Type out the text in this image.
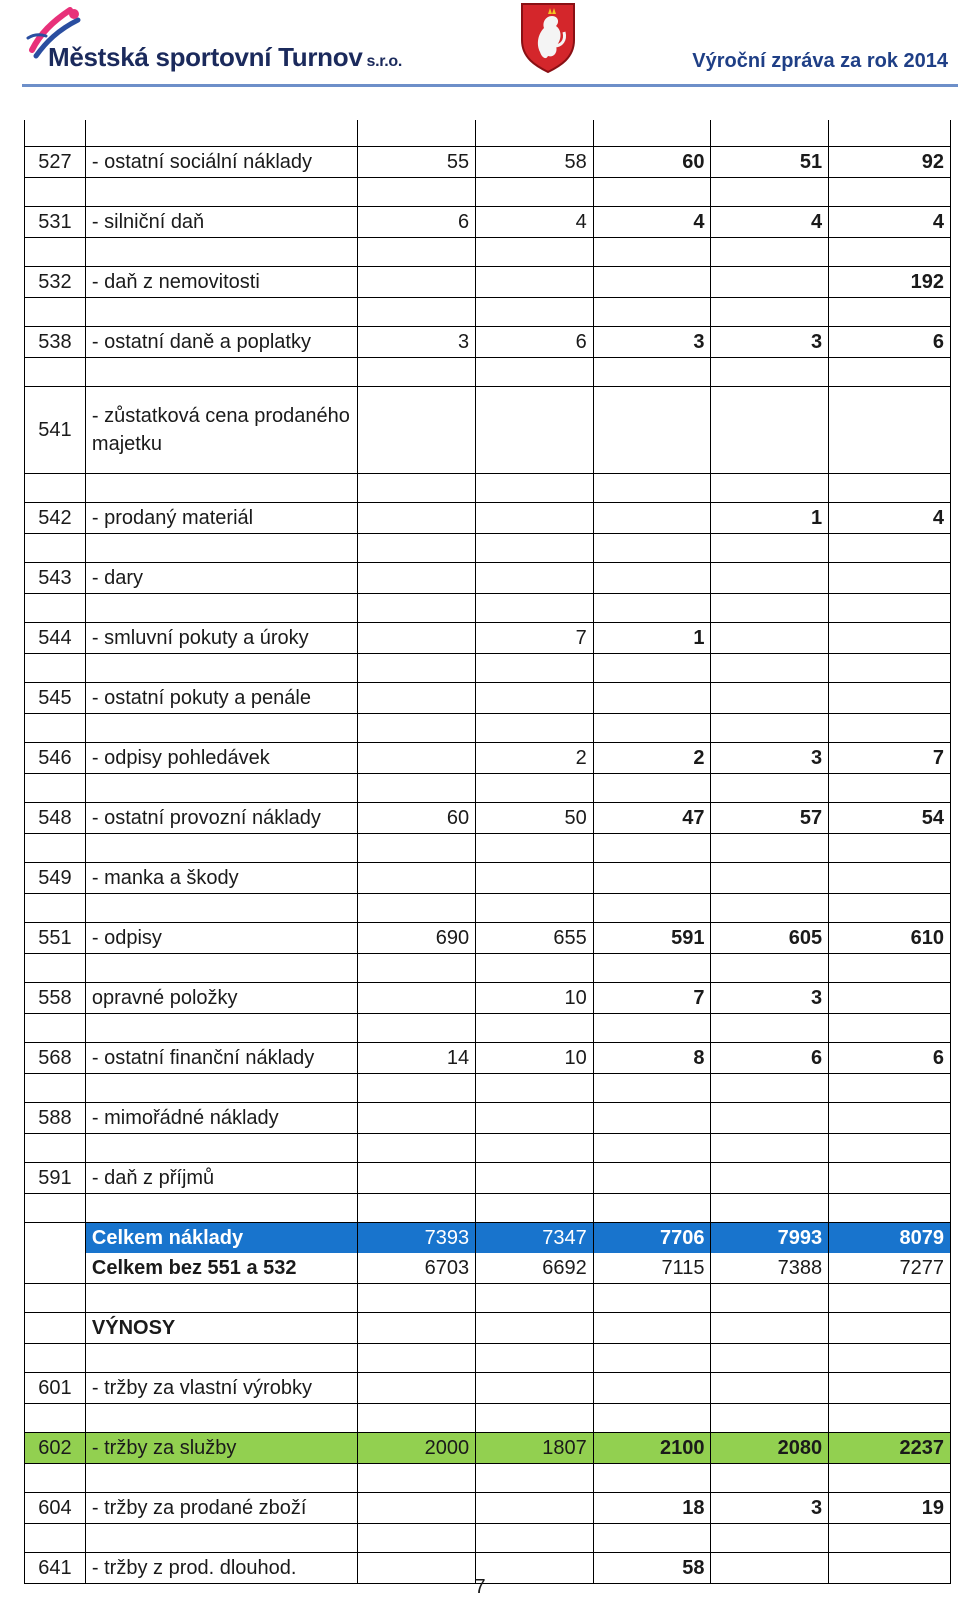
Městská sportovní Turnov s.r.o.	Výroční zpráva za rok 2014

527	- ostatní sociální náklady	55	58	60	51	92

531	- silniční daň	6	4	4	4	4

532	- daň z nemovitosti					192

538	- ostatní daně a poplatky	3	6	3	3	6

541	- zůstatková cena prodaného majetku					

542	- prodaný materiál				1	4

543	- dary					

544	- smluvní pokuty a úroky		7	1		

545	- ostatní pokuty a penále					

546	- odpisy pohledávek		2	2	3	7

548	- ostatní provozní náklady	60	50	47	57	54

549	- manka a škody					

551	- odpisy	690	655	591	605	610

558	opravné položky		10	7	3	

568	- ostatní finanční náklady	14	10	8	6	6

588	- mimořádné náklady					

591	- daň z příjmů					

	Celkem náklady	7393	7347	7706	7993	8079
	Celkem bez 551 a 532	6703	6692	7115	7388	7277

	VÝNOSY					

601	- tržby za vlastní výrobky					

602	- tržby za služby	2000	1807	2100	2080	2237

604	- tržby za prodané zboží			18	3	19

641	- tržby z prod. dlouhod.			58		
7
